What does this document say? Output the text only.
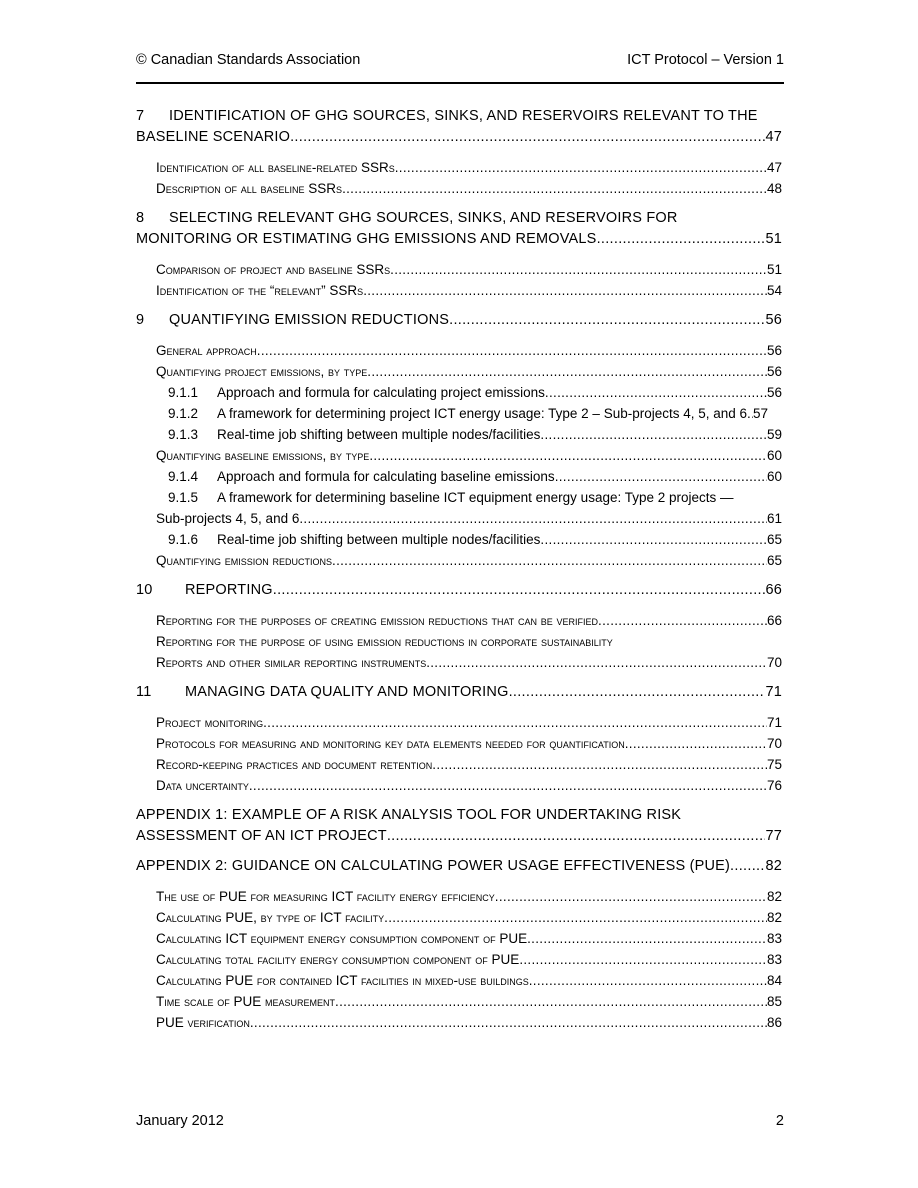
© Canadian Standards Association	ICT Protocol – Version 1
7 IDENTIFICATION OF GHG SOURCES, SINKS, AND RESERVOIRS RELEVANT TO THE
BASELINE SCENARIO .....	47
Identification of all baseline-related SSRs .....	47
Description of all baseline SSRs .....	48
8 SELECTING RELEVANT GHG SOURCES, SINKS, AND RESERVOIRS FOR
MONITORING OR ESTIMATING GHG EMISSIONS AND REMOVALS .....	51
Comparison of project and baseline SSRs .....	51
Identification of the “relevant” SSRs .....	54
9 QUANTIFYING EMISSION REDUCTIONS .....	56
General approach .....	56
Quantifying project emissions, by type .....	56
9.1.1 Approach and formula for calculating project emissions .....	56
9.1.2 A framework for determining project ICT energy usage: Type 2 – Sub-projects 4, 5, and 6 ..... 57
9.1.3 Real-time job shifting between multiple nodes/facilities .....	59
Quantifying baseline emissions, by type .....	60
9.1.4 Approach and formula for calculating baseline emissions .....	60
9.1.5 A framework for determining baseline ICT equipment energy usage: Type 2 projects —
Sub-projects 4, 5, and 6 .....	61
9.1.6 Real-time job shifting between multiple nodes/facilities .....	65
Quantifying emission reductions .....	65
10 REPORTING .....	66
Reporting for the purposes of creating emission reductions that can be verified .....	66
Reporting for the purpose of using emission reductions in corporate sustainability
Reports and other similar reporting instruments .....	70
11 MANAGING DATA QUALITY AND MONITORING .....	71
Project monitoring .....	71
Protocols for measuring and monitoring key data elements needed for quantification .....	70
Record-keeping practices and document retention .....	75
Data uncertainty .....	76
APPENDIX 1: EXAMPLE OF A RISK ANALYSIS TOOL FOR UNDERTAKING RISK
ASSESSMENT OF AN ICT PROJECT .....	77
APPENDIX 2: GUIDANCE ON CALCULATING POWER USAGE EFFECTIVENESS (PUE) ..... 82
The use of PUE for measuring ICT facility energy efficiency .....	82
Calculating PUE, by type of ICT facility .....	82
Calculating ICT equipment energy consumption component of PUE .....	83
Calculating total facility energy consumption component of PUE .....	83
Calculating PUE for contained ICT facilities in mixed-use buildings .....	84
Time scale of PUE measurement .....	85
PUE verification .....	86
January 2012	2
